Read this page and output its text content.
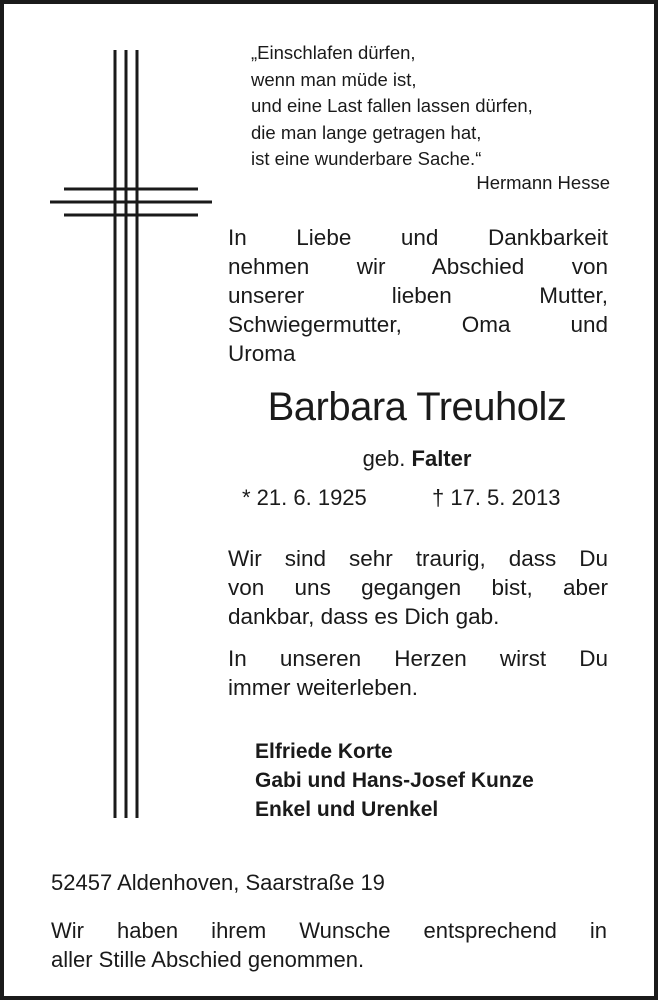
„Einschlafen dürfen,
wenn man müde ist,
und eine Last fallen lassen dürfen,
die man lange getragen hat,
ist eine wunderbare Sache.“
Hermann Hesse
In Liebe und Dankbarkeit
nehmen wir Abschied von
unserer lieben Mutter,
Schwiegermutter, Oma und
Uroma
Barbara Treuholz
geb. Falter
* 21. 6. 1925	† 17. 5. 2013
Wir sind sehr traurig, dass Du
von uns gegangen bist, aber
dankbar, dass es Dich gab.
In unseren Herzen wirst Du
immer weiterleben.
Elfriede Korte
Gabi und Hans-Josef Kunze
Enkel und Urenkel
52457 Aldenhoven, Saarstraße 19
Wir haben ihrem Wunsche entsprechend in
aller Stille Abschied genommen.
